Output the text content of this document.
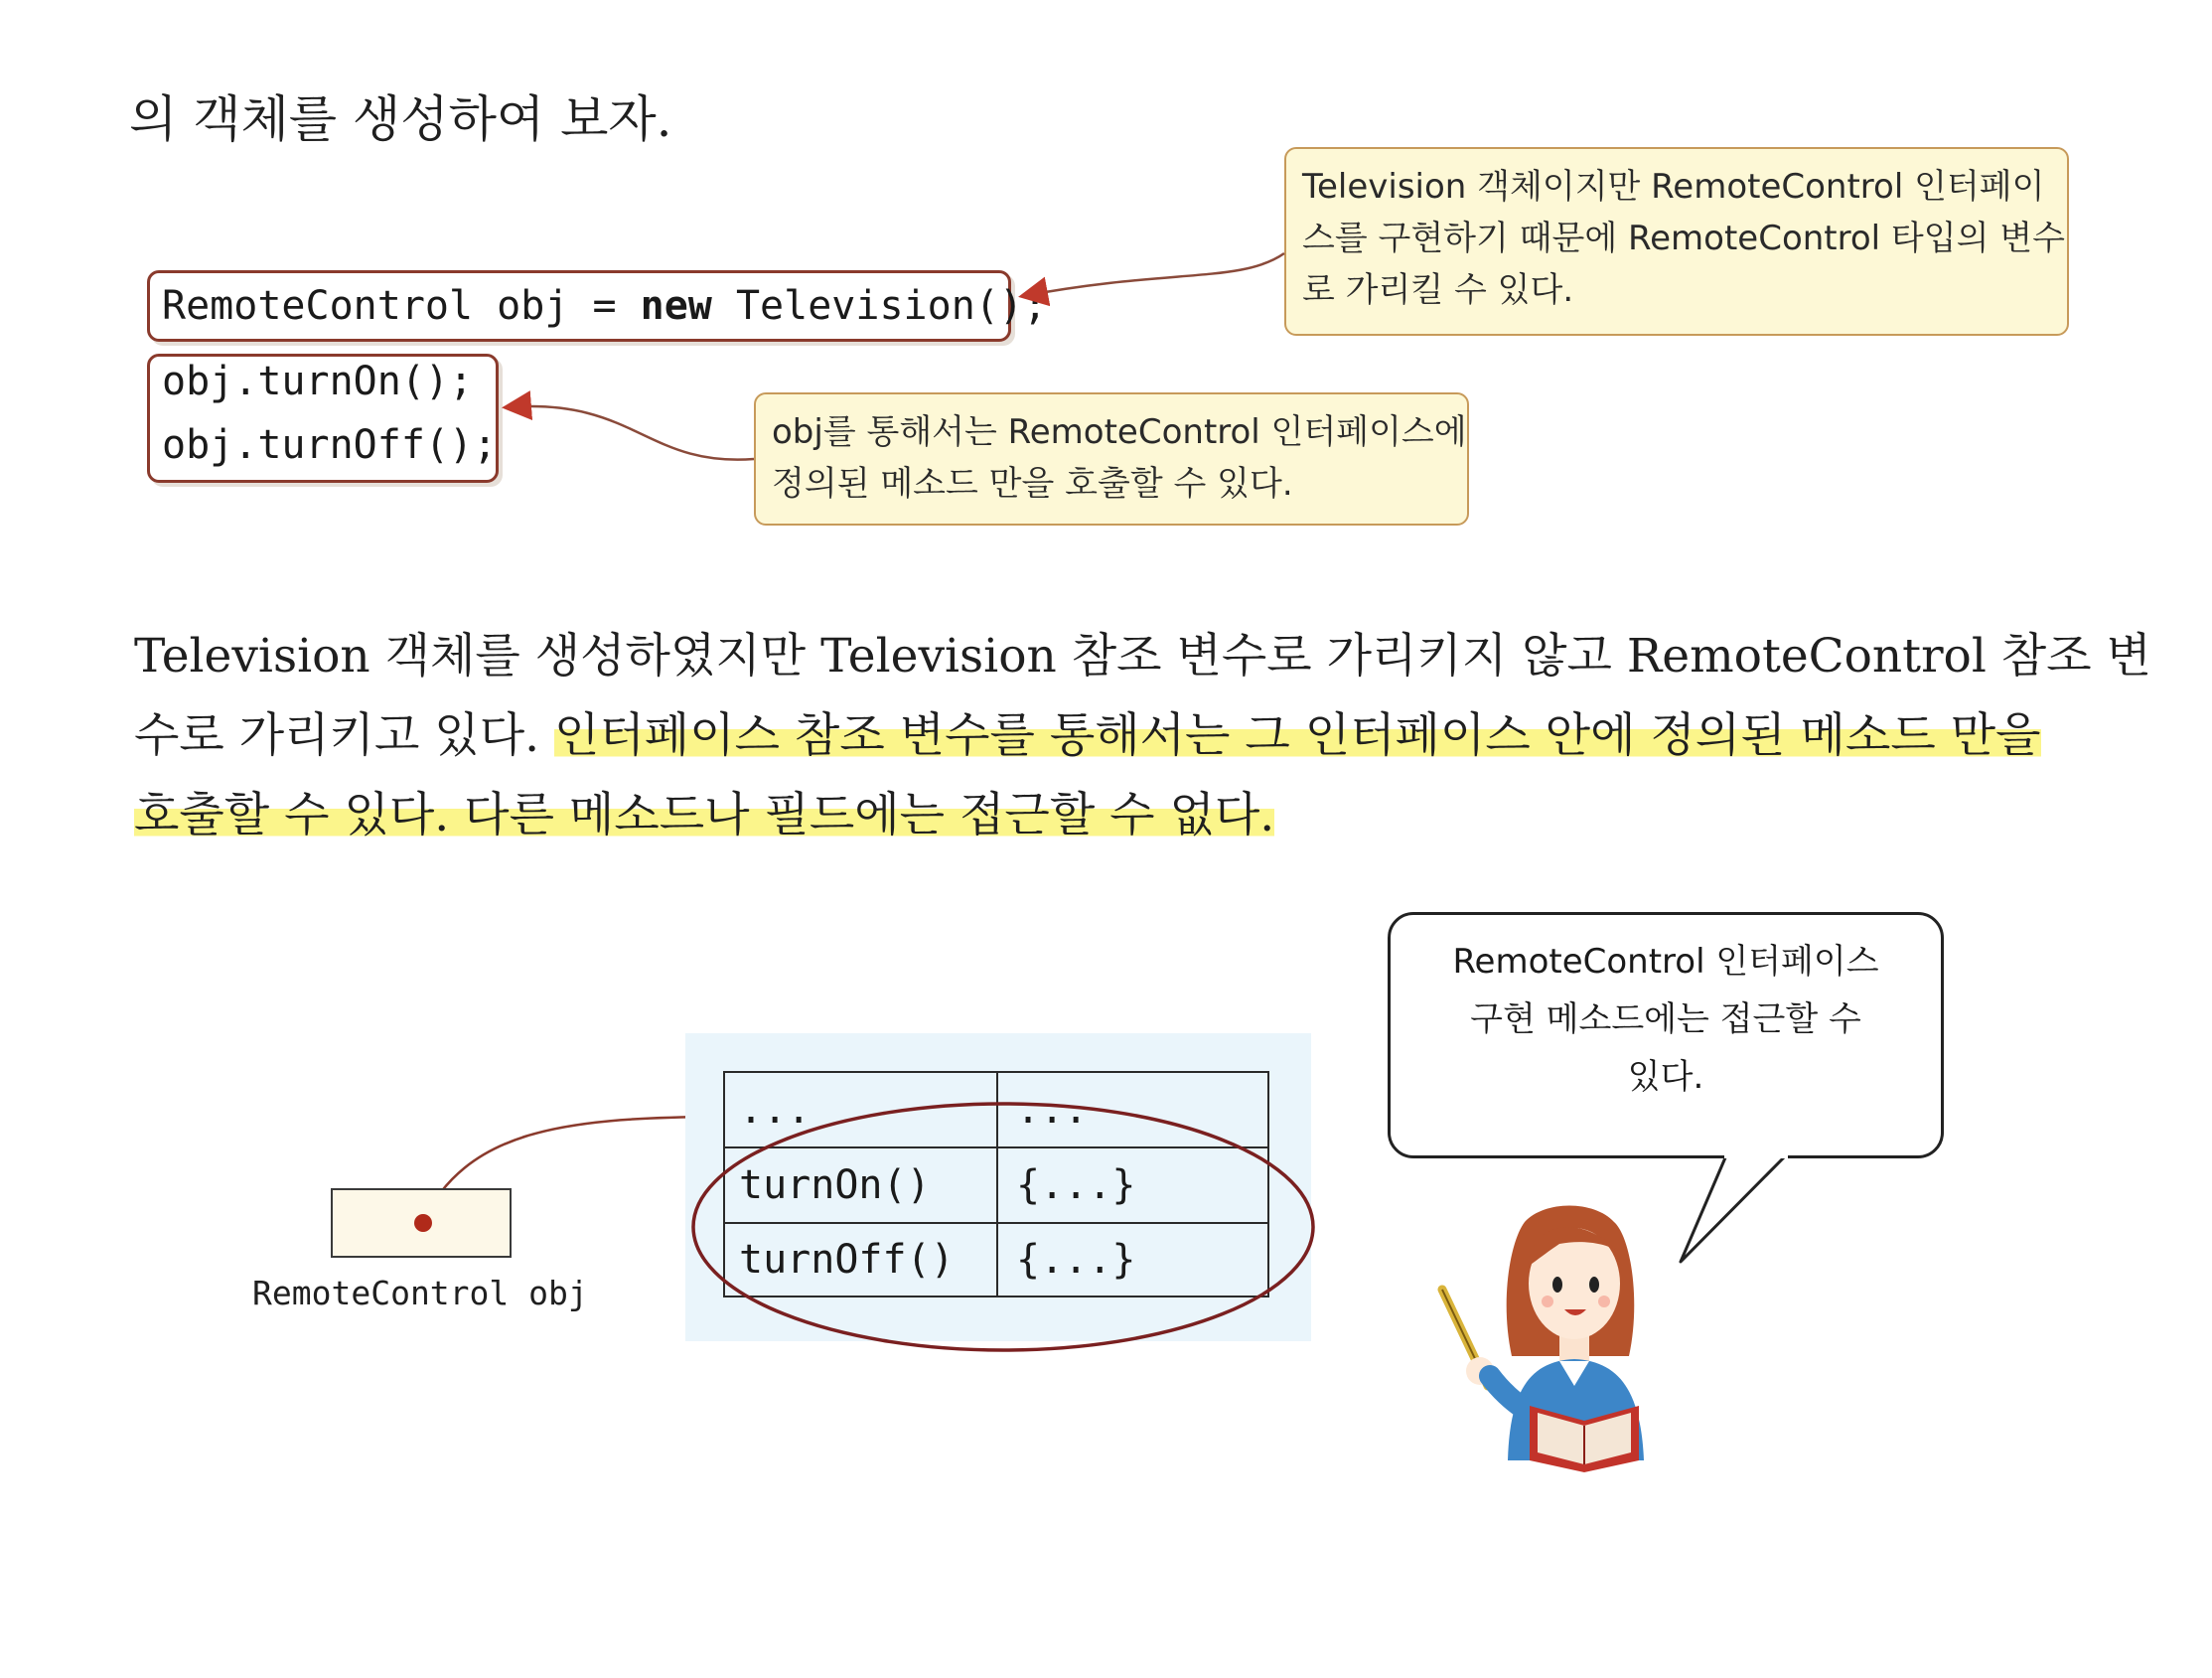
의 객체를 생성하여 보자.
RemoteControl obj = new Television();
obj.turnOn();
obj.turnOff();
Television 객체이지만 RemoteControl 인터페이
스를 구현하기 때문에 RemoteControl 타입의 변수
로 가리킬 수 있다.
obj를 통해서는 RemoteControl 인터페이스에
정의된 메소드 만을 호출할 수 있다.
Television 객체를 생성하였지만 Television 참조 변수로 가리키지 않고 RemoteControl 참조 변
수로 가리키고 있다. 인터페이스 참조 변수를 통해서는 그 인터페이스 안에 정의된 메소드 만을
호출할 수 있다. 다른 메소드나 필드에는 접근할 수 없다.
RemoteControl obj
...	...
turnOn()	{...}
turnOff()	{...}
RemoteControl 인터페이스
구현 메소드에는 접근할 수
있다.
